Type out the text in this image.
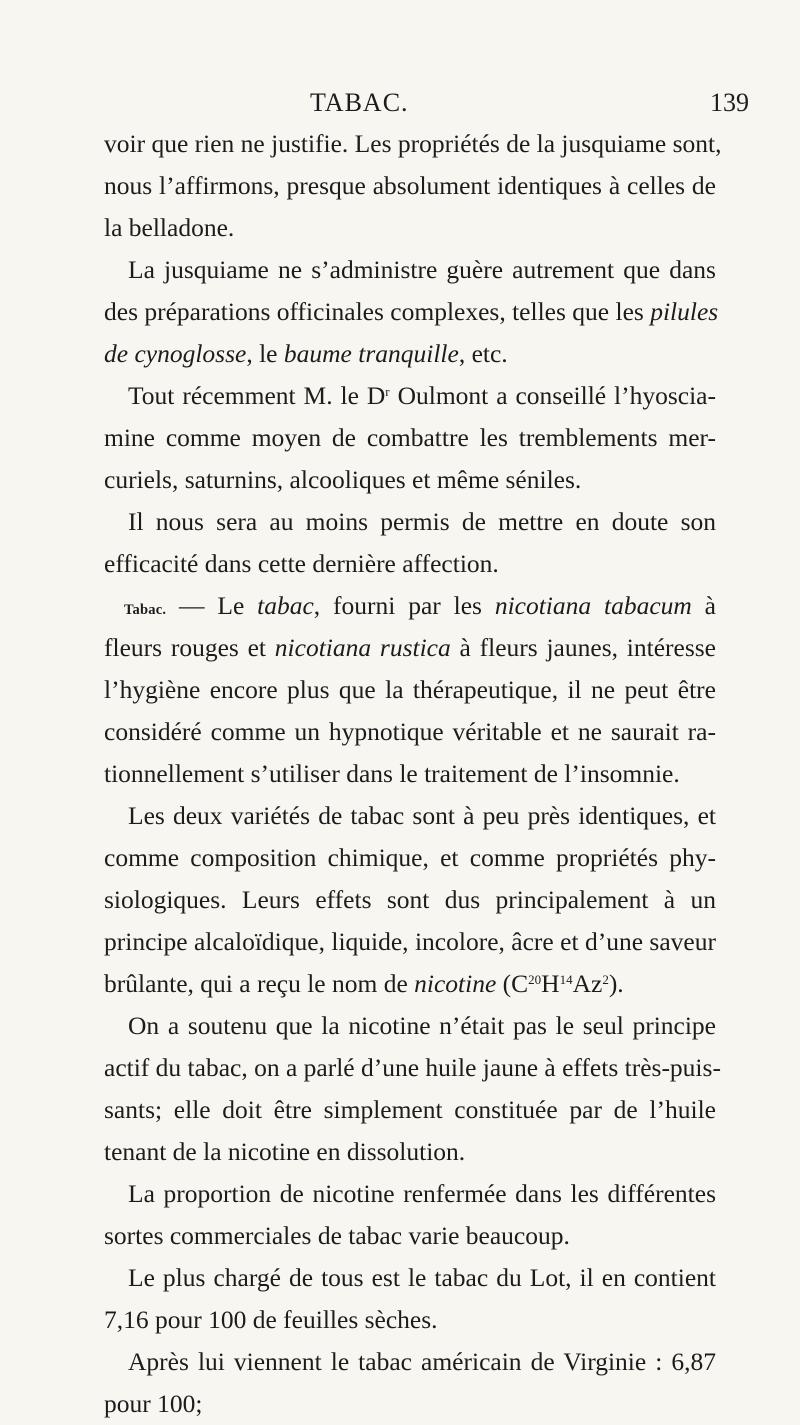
TABAC.	139
voir que rien ne justifie. Les propriétés de la jusquiame sont,
nous l’affirmons, presque absolument identiques à celles de
la belladone.
La jusquiame ne s’administre guère autrement que dans
des préparations officinales complexes, telles que les pilules
de cynoglosse, le baume tranquille, etc.
Tout récemment M. le $D^r$ Oulmont a conseillé l’hyoscia-
mine comme moyen de combattre les tremblements mer-
curiels, saturnins, alcooliques et même séniles.
Il nous sera au moins permis de mettre en doute son
efficacité dans cette dernière affection.
Tabac. — Le tabac, fourni par les nicotiana tabacum à
fleurs rouges et nicotiana rustica à fleurs jaunes, intéresse
l’hygiène encore plus que la thérapeutique, il ne peut être
considéré comme un hypnotique véritable et ne saurait ra-
tionnellement s’utiliser dans le traitement de l’insomnie.
Les deux variétés de tabac sont à peu près identiques, et
comme composition chimique, et comme propriétés phy-
siologiques. Leurs effets sont dus principalement à un
principe alcaloïdique, liquide, incolore, âcre et d’une saveur
brûlante, qui a reçu le nom de nicotine $(C^{20}H^{14}Az^2)$.
On a soutenu que la nicotine n’était pas le seul principe
actif du tabac, on a parlé d’une huile jaune à effets très-puis-
sants; elle doit être simplement constituée par de l’huile
tenant de la nicotine en dissolution.
La proportion de nicotine renfermée dans les différentes
sortes commerciales de tabac varie beaucoup.
Le plus chargé de tous est le tabac du Lot, il en contient
7,16 pour 100 de feuilles sèches.
Après lui viennent le tabac américain de Virginie : 6,87
pour 100;
